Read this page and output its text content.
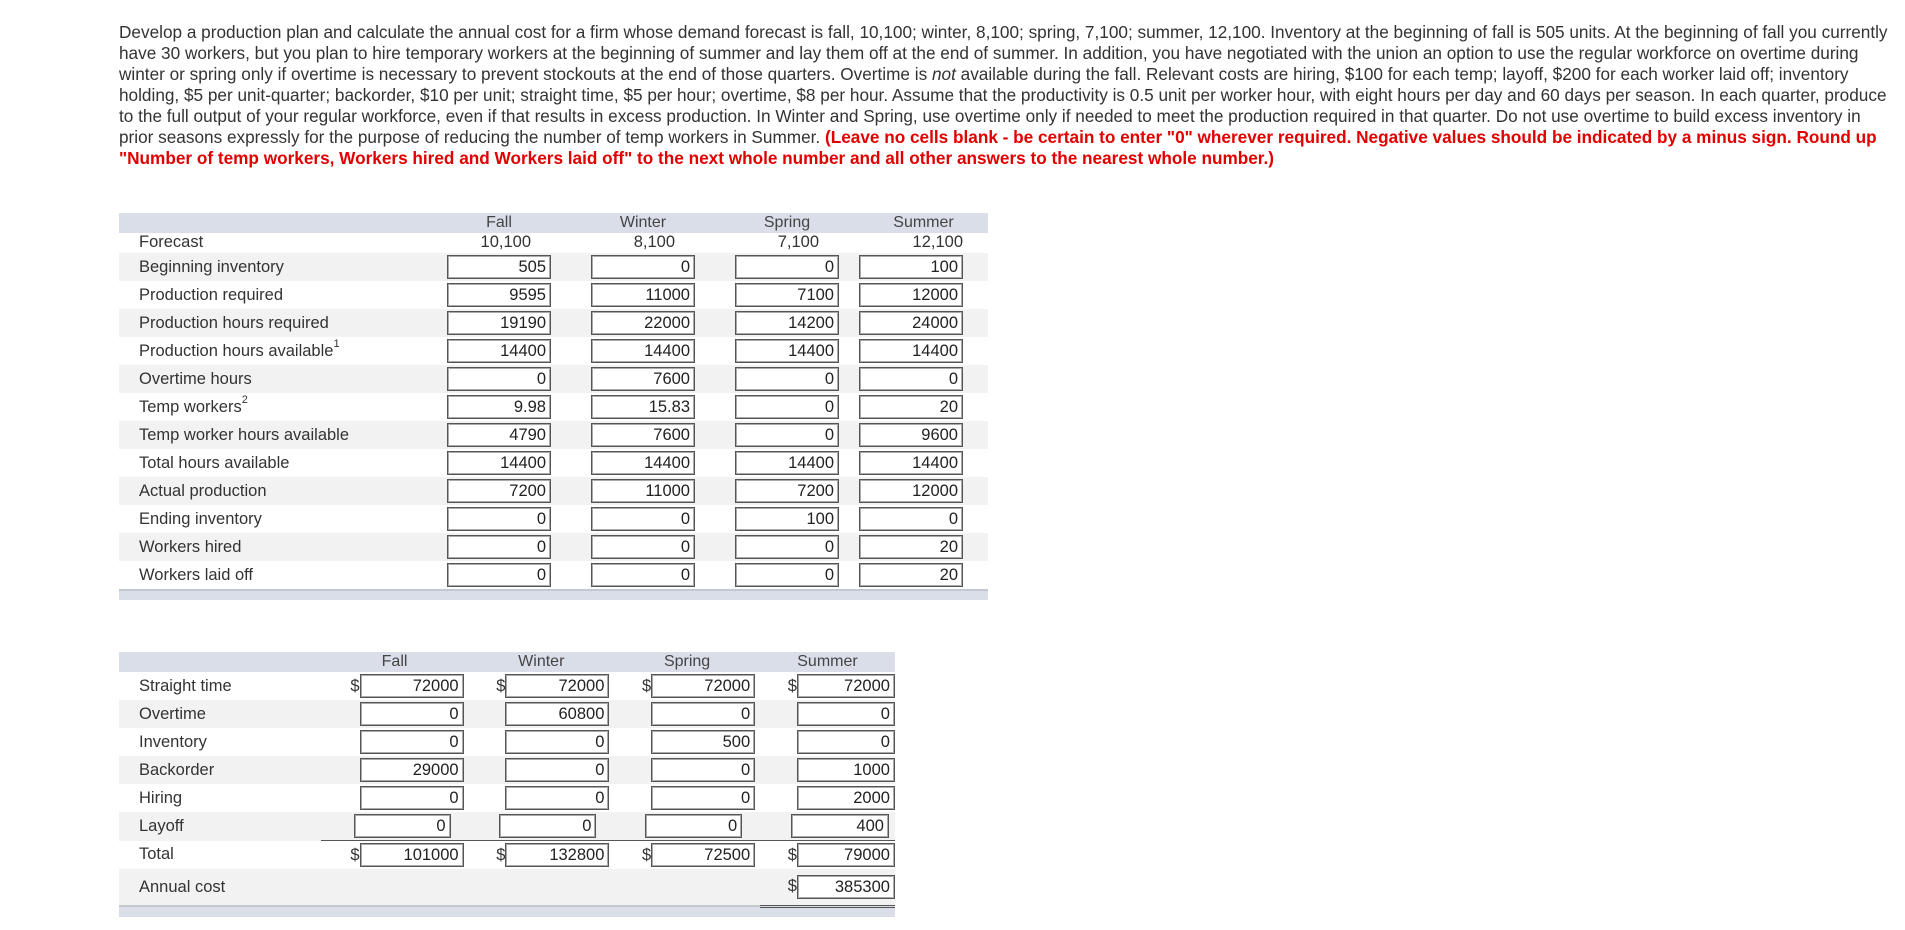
Develop a production plan and calculate the annual cost for a firm whose demand forecast is fall, 10,100; winter, 8,100; spring, 7,100; summer, 12,100. Inventory at the beginning of fall is 505 units. At the beginning of fall you currently have 30 workers, but you plan to hire temporary workers at the beginning of summer and lay them off at the end of summer. In addition, you have negotiated with the union an option to use the regular workforce on overtime during winter or spring only if overtime is necessary to prevent stockouts at the end of those quarters. Overtime is not available during the fall. Relevant costs are hiring, $100 for each temp; layoff, $200 for each worker laid off; inventory holding, $5 per unit-quarter; backorder, $10 per unit; straight time, $5 per hour; overtime, $8 per hour. Assume that the productivity is 0.5 unit per worker hour, with eight hours per day and 60 days per season. In each quarter, produce to the full output of your regular workforce, even if that results in excess production. In Winter and Spring, use overtime only if needed to meet the production required in that quarter. Do not use overtime to build excess inventory in prior seasons expressly for the purpose of reducing the number of temp workers in Summer. (Leave no cells blank - be certain to enter "0" wherever required. Negative values should be indicated by a minus sign. Round up "Number of temp workers, Workers hired and Workers laid off" to the next whole number and all other answers to the nearest whole number.)
	Fall	Winter	Spring	Summer
Forecast	10,100	8,100	7,100	12,100
Beginning inventory	505	0	0	100
Production required	9595	11000	7100	12000
Production hours required	19190	22000	14200	24000
Production hours available$^1$	14400	14400	14400	14400
Overtime hours	0	7600	0	0
Temp workers$^2$	9.98	15.83	0	20
Temp worker hours available	4790	7600	0	9600
Total hours available	14400	14400	14400	14400
Actual production	7200	11000	7200	12000
Ending inventory	0	0	100	0
Workers hired	0	0	0	20
Workers laid off	0	0	0	20

	Fall		Winter		Spring		Summer	
Straight time	$	72000	$	72000	$	72000	$	72000
Overtime		0		60800		0		0
Inventory		0		0		500		0
Backorder		29000		0		0		1000
Hiring		0		0		0		2000
Layoff		0		0		0		400
Total	$	101000	$	132800	$	72500	$	79000
Annual cost							$	385300
